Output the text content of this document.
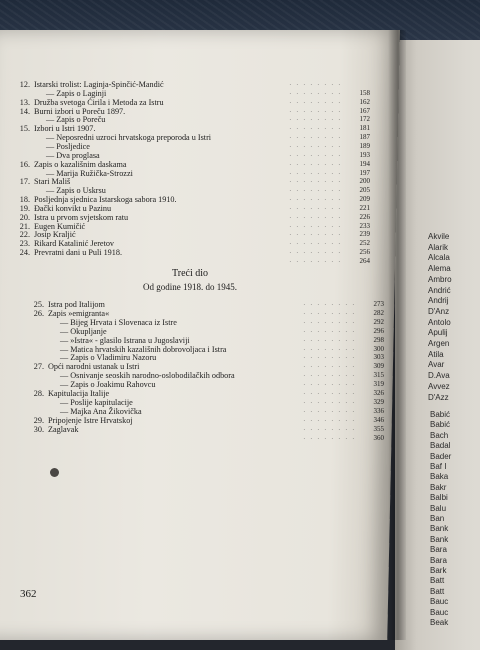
12. Istarski trolist: Laginja-Spinčić-Mandić	. . . . . . . .
— Zapis o Laginji	. . . . . . . .	158
13. Družba svetoga Ćirila i Metoda za Istru	. . . . . . . .	162
14. Burni izbori u Poreču 1897.	. . . . . . . .	167
— Zapis o Poreču	. . . . . . . .	172
15. Izbori u Istri 1907.	. . . . . . . .	181
— Neposredni uzroci hrvatskoga preporoda u Istri	. . . . . . . .	187
— Posljedice	. . . . . . . .	189
— Dva proglasa	. . . . . . . .	193
16. Zapis o kazališnim daskama	. . . . . . . .	194
— Marija Ružička-Strozzi	. . . . . . . .	197
17. Stari Mališ	. . . . . . . .	200
— Zapis o Uskrsu	. . . . . . . .	205
18. Posljednja sjednica Istarskoga sabora 1910.	. . . . . . . .	209
19. Đački konvikt u Pazinu	. . . . . . . .	221
20. Istra u prvom svjetskom ratu	. . . . . . . .	226
21. Eugen Kumičić	. . . . . . . .	233
22. Josip Kraljić	. . . . . . . .	239
23. Rikard Katalinić Jeretov	. . . . . . . .	252
24. Prevratni dani u Puli 1918.	. . . . . . . .	256
. . . . . . . .	264
25. Istra pod Italijom	. . . . . . . .	273
26. Zapis »emigranta«	. . . . . . . .	282
— Bijeg Hrvata i Slovenaca iz Istre	. . . . . . . .	292
— Okupljanje	. . . . . . . .	296
— »Istra« - glasilo Istrana u Jugoslaviji	. . . . . . . .	298
— Matica hrvatskih kazališnih dobrovoljaca i Istra	. . . . . . . .	300
— Zapis o Vladimiru Nazoru	. . . . . . . .	303
27. Opći narodni ustanak u Istri	. . . . . . . .	309
— Osnivanje seoskih narodno-oslobodilačkih odbora	. . . . . . . .	315
— Zapis o Joakimu Rahovcu	. . . . . . . .	319
28. Kapitulacija Italije	. . . . . . . .	326
— Poslije kapitulacije	. . . . . . . .	329
— Majka Ana Žikovička	. . . . . . . .	336
29. Pripojenje Istre Hrvatskoj	. . . . . . . .	346
30. Zaglavak	. . . . . . . .	355
. . . . . . . .	360
Treći dio
Od godine 1918. do 1945.
362
Akvile
Alarik
Alcala
Alema
Ambro
Andrić
Andrij
D'Anz
Antolo
Apulij
Argen
Atila
Avar
D.Ava
Avvez
D'Azz
Babić
Babić
Bach
Badal
Bader
Baf I
Baka
Bakr
Balbi
Balu
Ban
Bank
Bank
Bara
Bara
Bark
Batt
Batt
Bauc
Bauc
Beak
